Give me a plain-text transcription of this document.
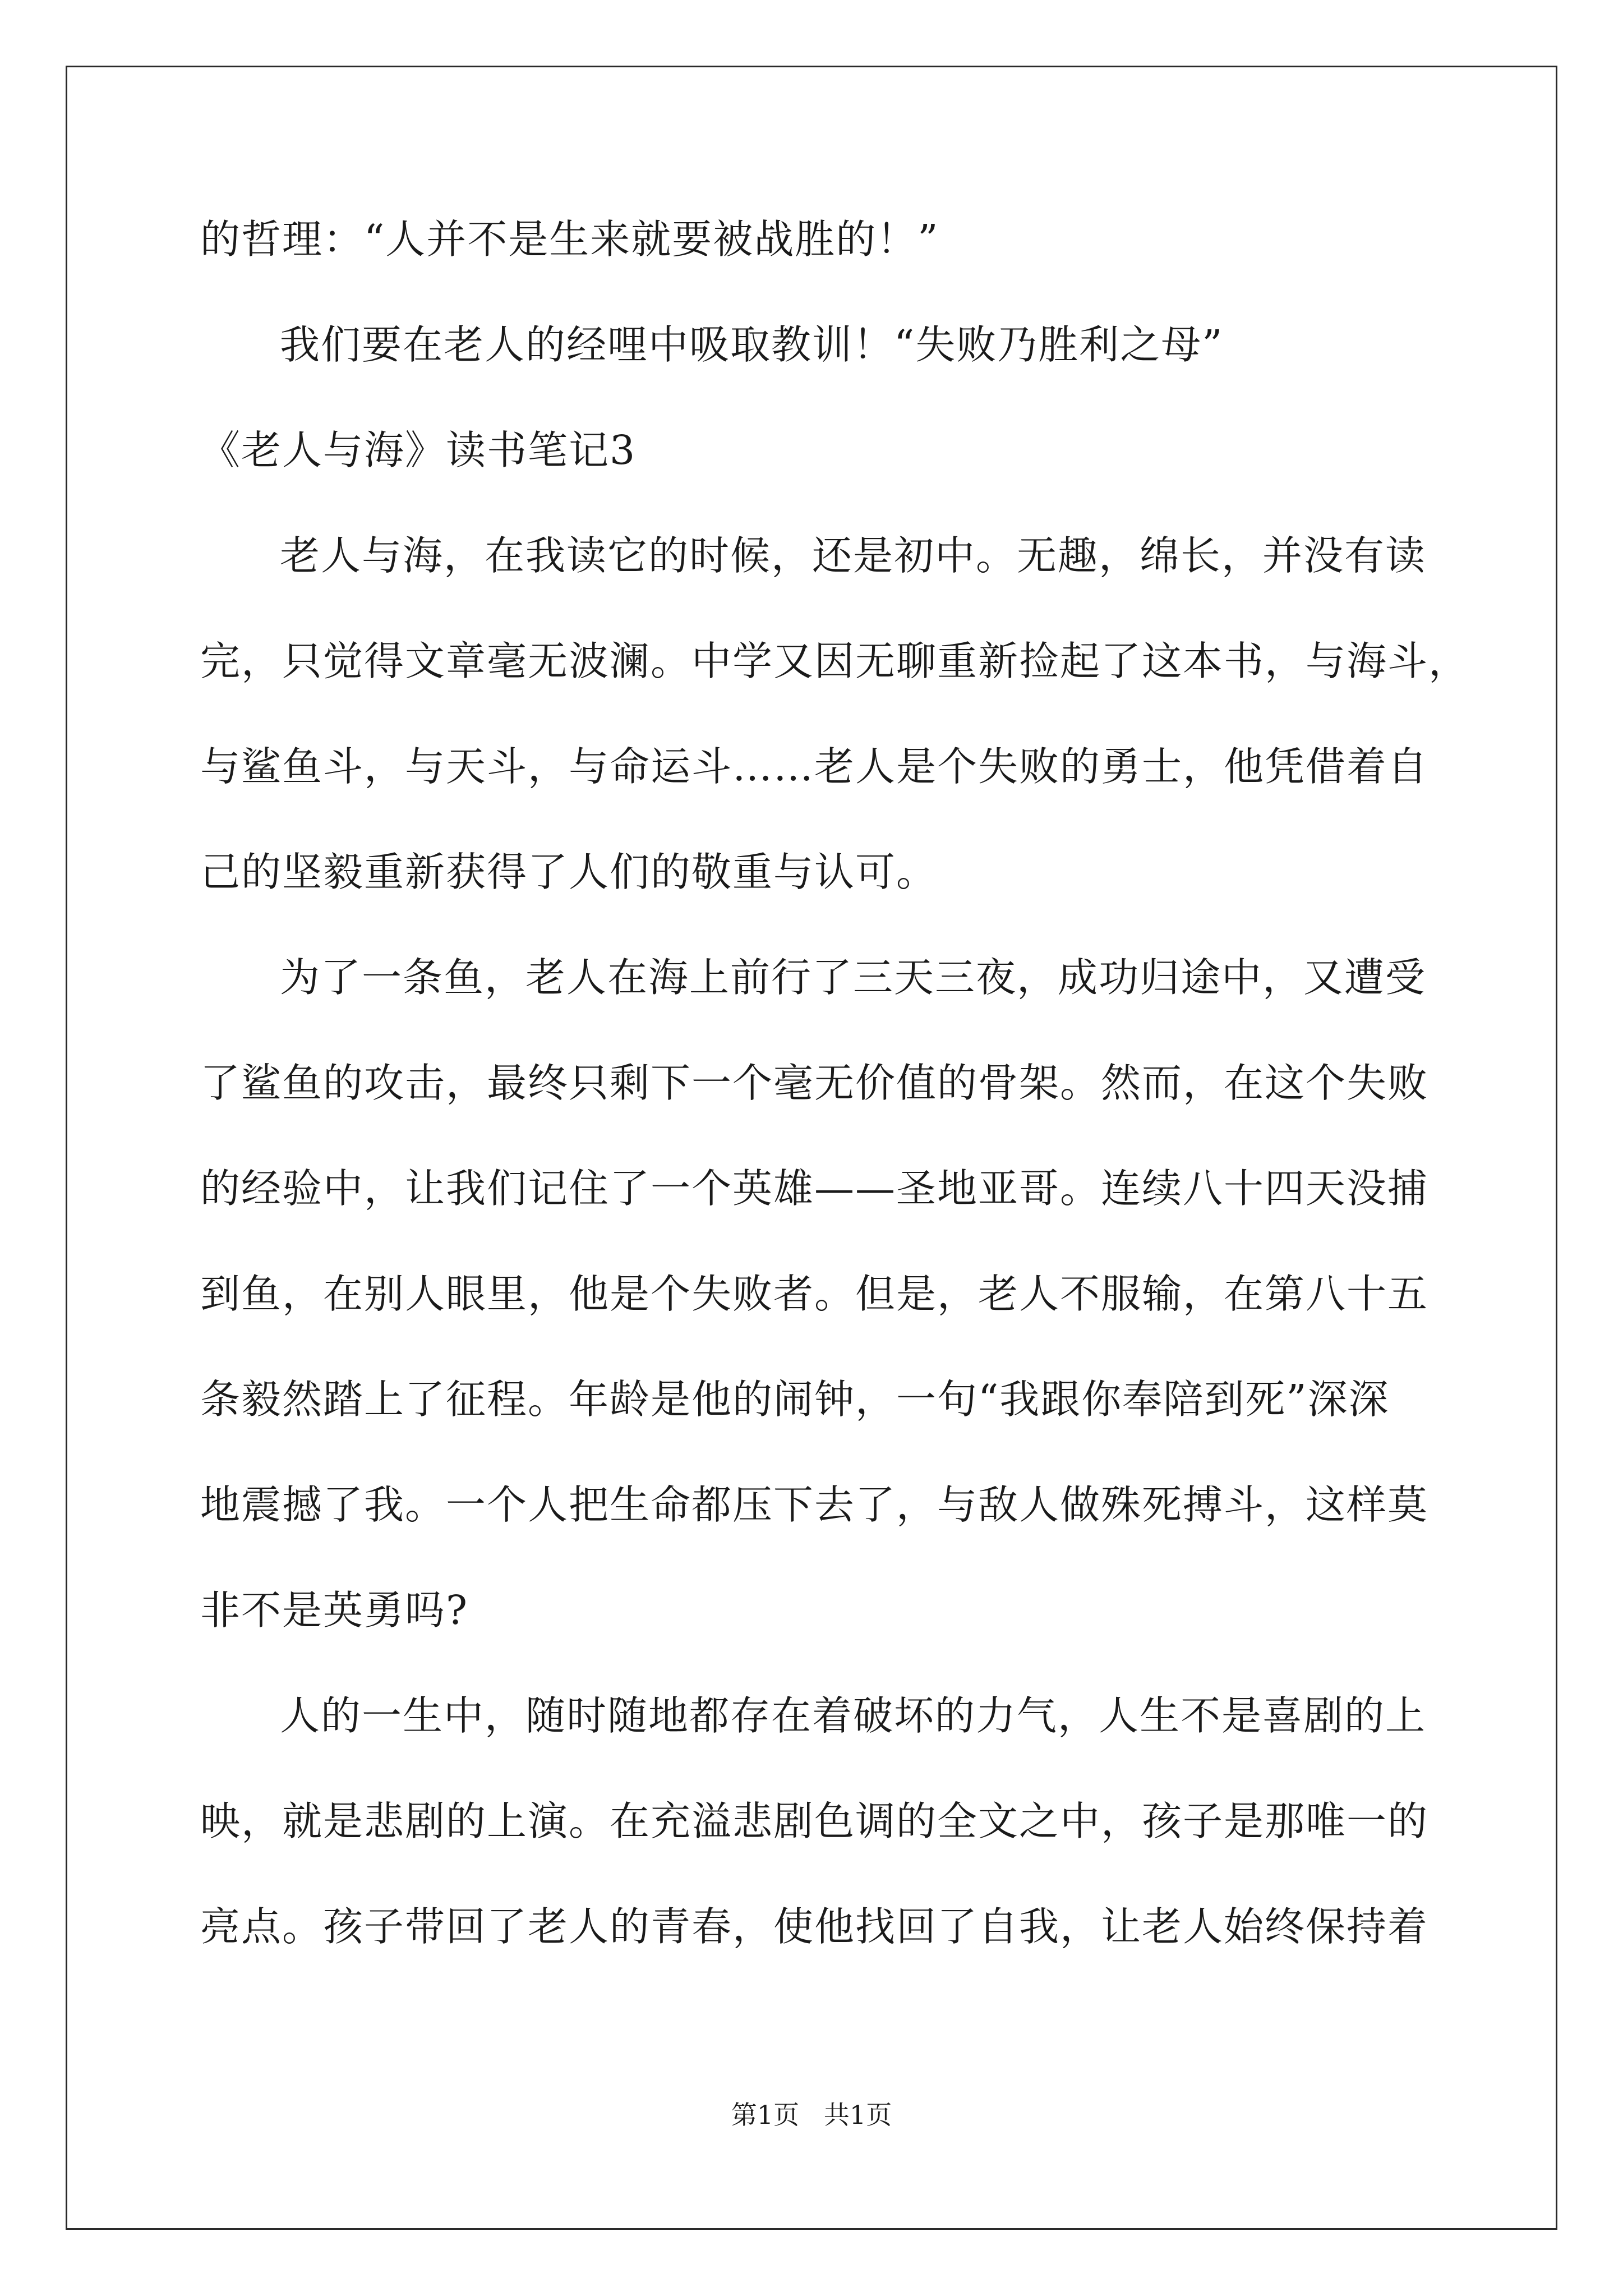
的哲理：“人并不是生来就要被战胜的！”
我们要在老人的经哩中吸取教训！“失败乃胜利之母”
《老人与海》读书笔记3
老人与海，在我读它的时候，还是初中。无趣，绵长，并没有读
完，只觉得文章毫无波澜。中学又因无聊重新捡起了这本书，与海斗，
与鲨鱼斗，与天斗，与命运斗……老人是个失败的勇士，他凭借着自
己的坚毅重新获得了人们的敬重与认可。
为了一条鱼，老人在海上前行了三天三夜，成功归途中，又遭受
了鲨鱼的攻击，最终只剩下一个毫无价值的骨架。然而，在这个失败
的经验中，让我们记住了一个英雄——圣地亚哥。连续八十四天没捕
到鱼，在别人眼里，他是个失败者。但是，老人不服输，在第八十五
条毅然踏上了征程。年龄是他的闹钟，一句“我跟你奉陪到死”深深
地震撼了我。一个人把生命都压下去了，与敌人做殊死搏斗，这样莫
非不是英勇吗?
人的一生中，随时随地都存在着破坏的力气，人生不是喜剧的上
映，就是悲剧的上演。在充溢悲剧色调的全文之中，孩子是那唯一的
亮点。孩子带回了老人的青春，使他找回了自我，让老人始终保持着
第1页   共1页
